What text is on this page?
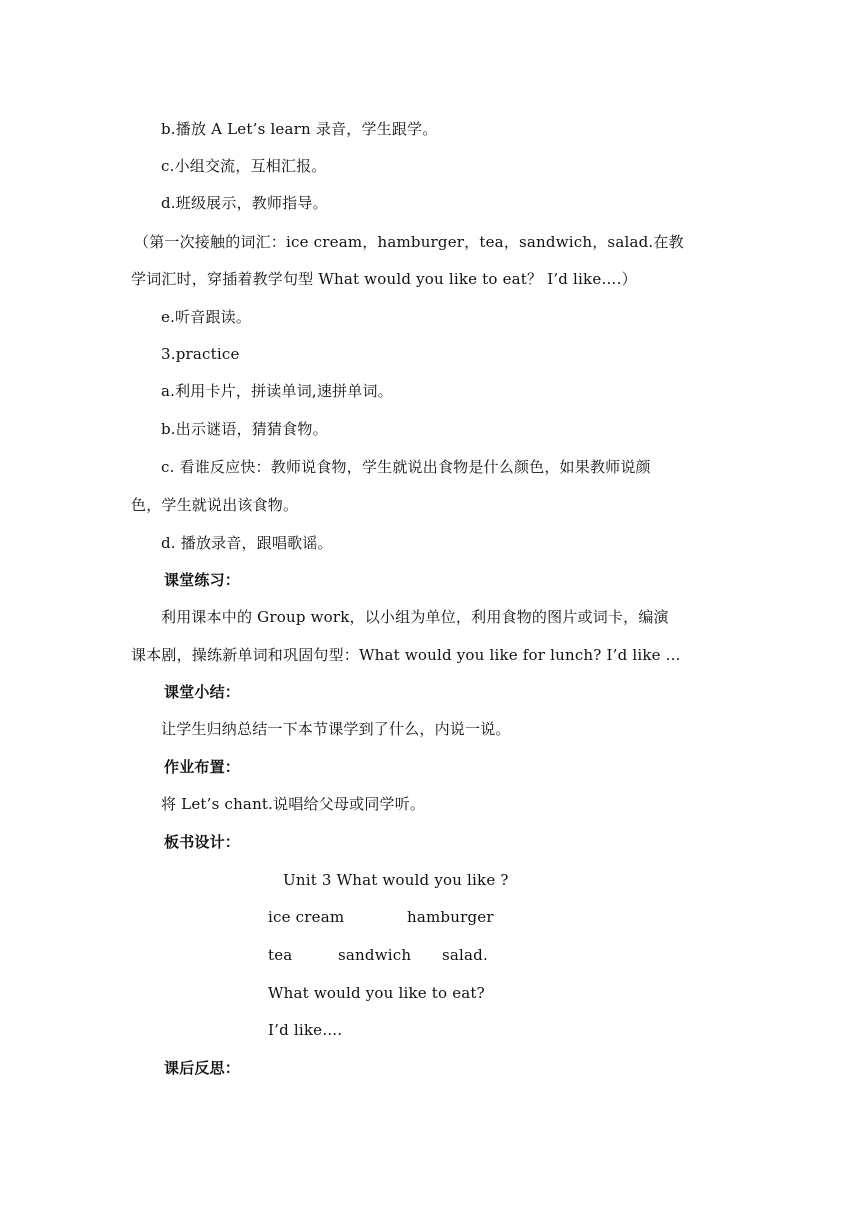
b.播放 A Let’s learn 录音，学生跟学。
c.小组交流，互相汇报。
d.班级展示，教师指导。
（第一次接触的词汇：ice cream，hamburger，tea，sandwich，salad.在教
学词汇时，穿插着教学句型 What would you like to eat？ I’d like….）
e.听音跟读。
3.practice
a.利用卡片，拼读单词,速拼单词。
b.出示谜语，猜猜食物。
c. 看谁反应快：教师说食物，学生就说出食物是什么颜色，如果教师说颜
色，学生就说出该食物。
d. 播放录音，跟唱歌谣。
课堂练习：
利用课本中的 Group work，以小组为单位，利用食物的图片或词卡，编演
课本剧，操练新单词和巩固句型：What would you like for lunch? I’d like ...
课堂小结：
让学生归纳总结一下本节课学到了什么，内说一说。
作业布置：
将 Let’s chant.说唱给父母或同学听。
板书设计：
Unit 3 What would you like ?
ice cream	hamburger
tea	sandwich salad.
What would you like to eat?
I’d like….
课后反思：
